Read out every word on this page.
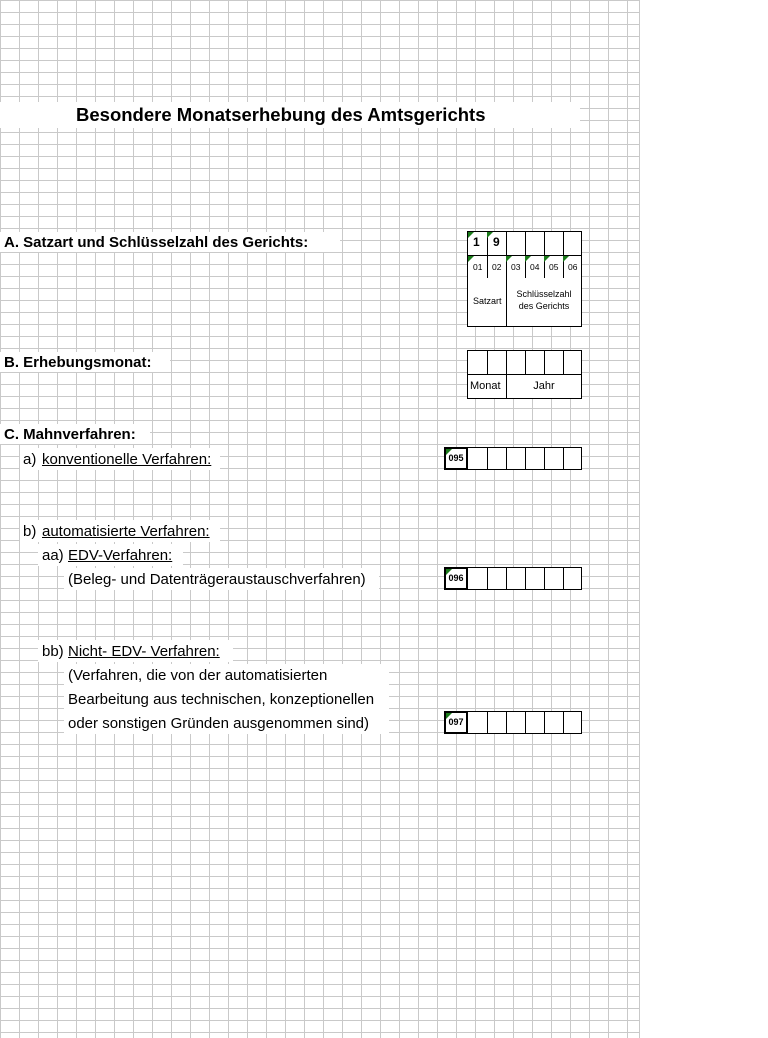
Besondere Monatserhebung des Amtsgerichts
A. Satzart und Schlüsselzahl des Gerichts:	1 9
01 02 03 04 05 06
Satzart
Schlüsselzahl
des Gerichts
B. Erhebungsmonat:
Monat	Jahr
C. Mahnverfahren:
a) konventionelle Verfahren:	095
b) automatisierte Verfahren:
aa) EDV-Verfahren:
(Beleg- und Datenträgeraustauschverfahren)	096
bb) Nicht- EDV- Verfahren:
(Verfahren, die von der automatisierten
Bearbeitung aus technischen, konzeptionellen
oder sonstigen Gründen ausgenommen sind)	097
